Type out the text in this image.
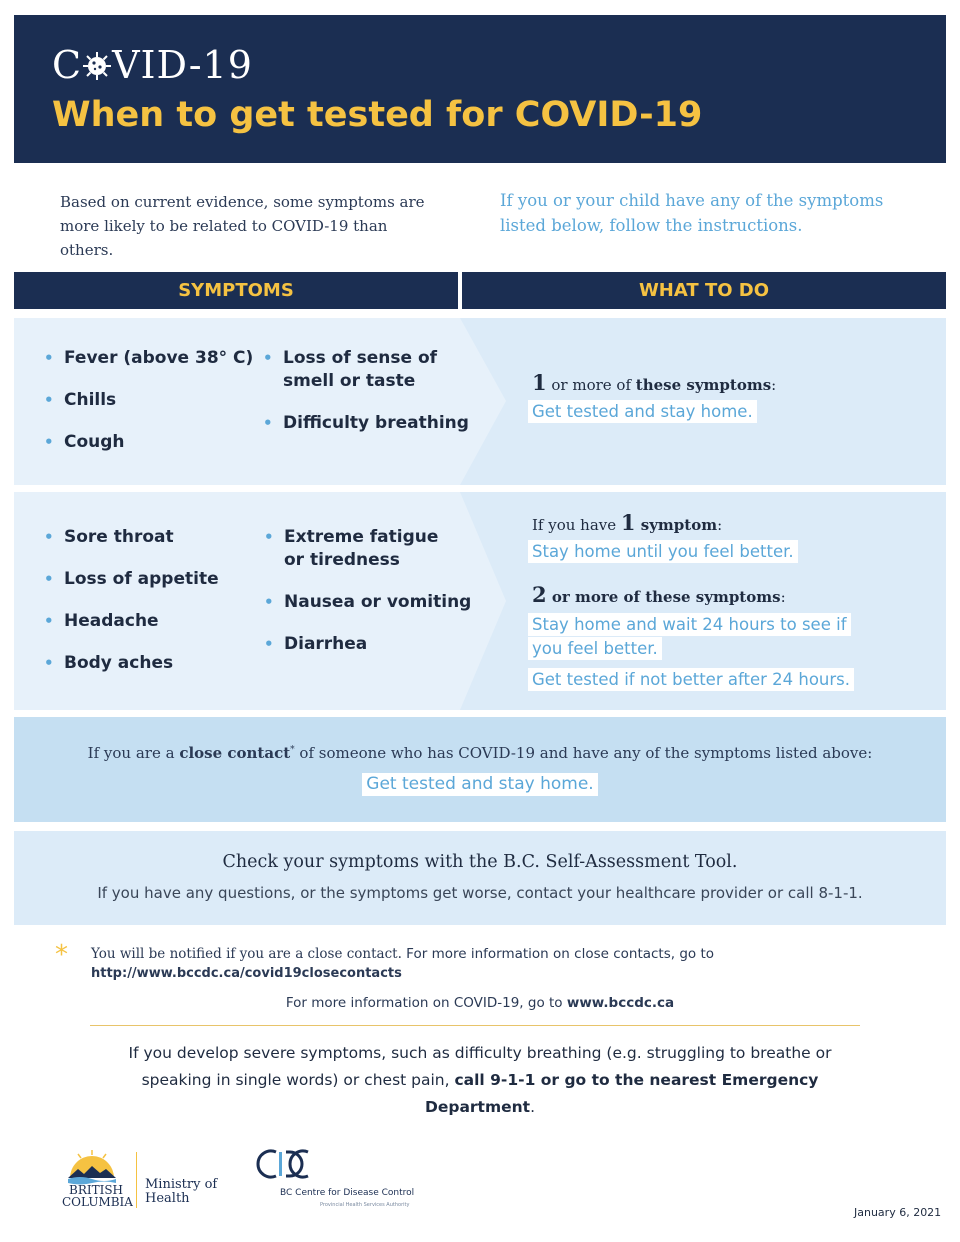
C VID-19
When to get tested for COVID-19
Based on current evidence, some symptoms are
more likely to be related to COVID-19 than others.
If you or your child have any of the symptoms
listed below, follow the instructions.
SYMPTOMS	WHAT TO DO
• Fever (above 38° C)
• Chills
• Cough
• Loss of sense of
smell or taste
• Difficulty breathing
1 or more of these symptoms:
Get tested and stay home.
• Sore throat
• Loss of appetite
• Headache
• Body aches
• Extreme fatigue
or tiredness
• Nausea or vomiting
• Diarrhea
If you have 1 symptom:
Stay home until you feel better.
2 or more of these symptoms:
Stay home and wait 24 hours to see if
you feel better.
Get tested if not better after 24 hours.
If you are a close contact* of someone who has COVID-19 and have any of the symptoms listed above:
Get tested and stay home.
Check your symptoms with the B.C. Self-Assessment Tool.
If you have any questions, or the symptoms get worse, contact your healthcare provider or call 8-1-1.
* You will be notified if you are a close contact. For more information on close contacts, go to
http://www.bccdc.ca/covid19closecontacts
For more information on COVID-19, go to www.bccdc.ca
If you develop severe symptoms, such as difficulty breathing (e.g. struggling to breathe or speaking in single words) or chest pain, call 9-1-1 or go to the nearest Emergency Department.
BRITISH
COLUMBIA
Ministry of
Health	BC Centre for Disease Control
Provincial Health Services Authority
January 6, 2021
